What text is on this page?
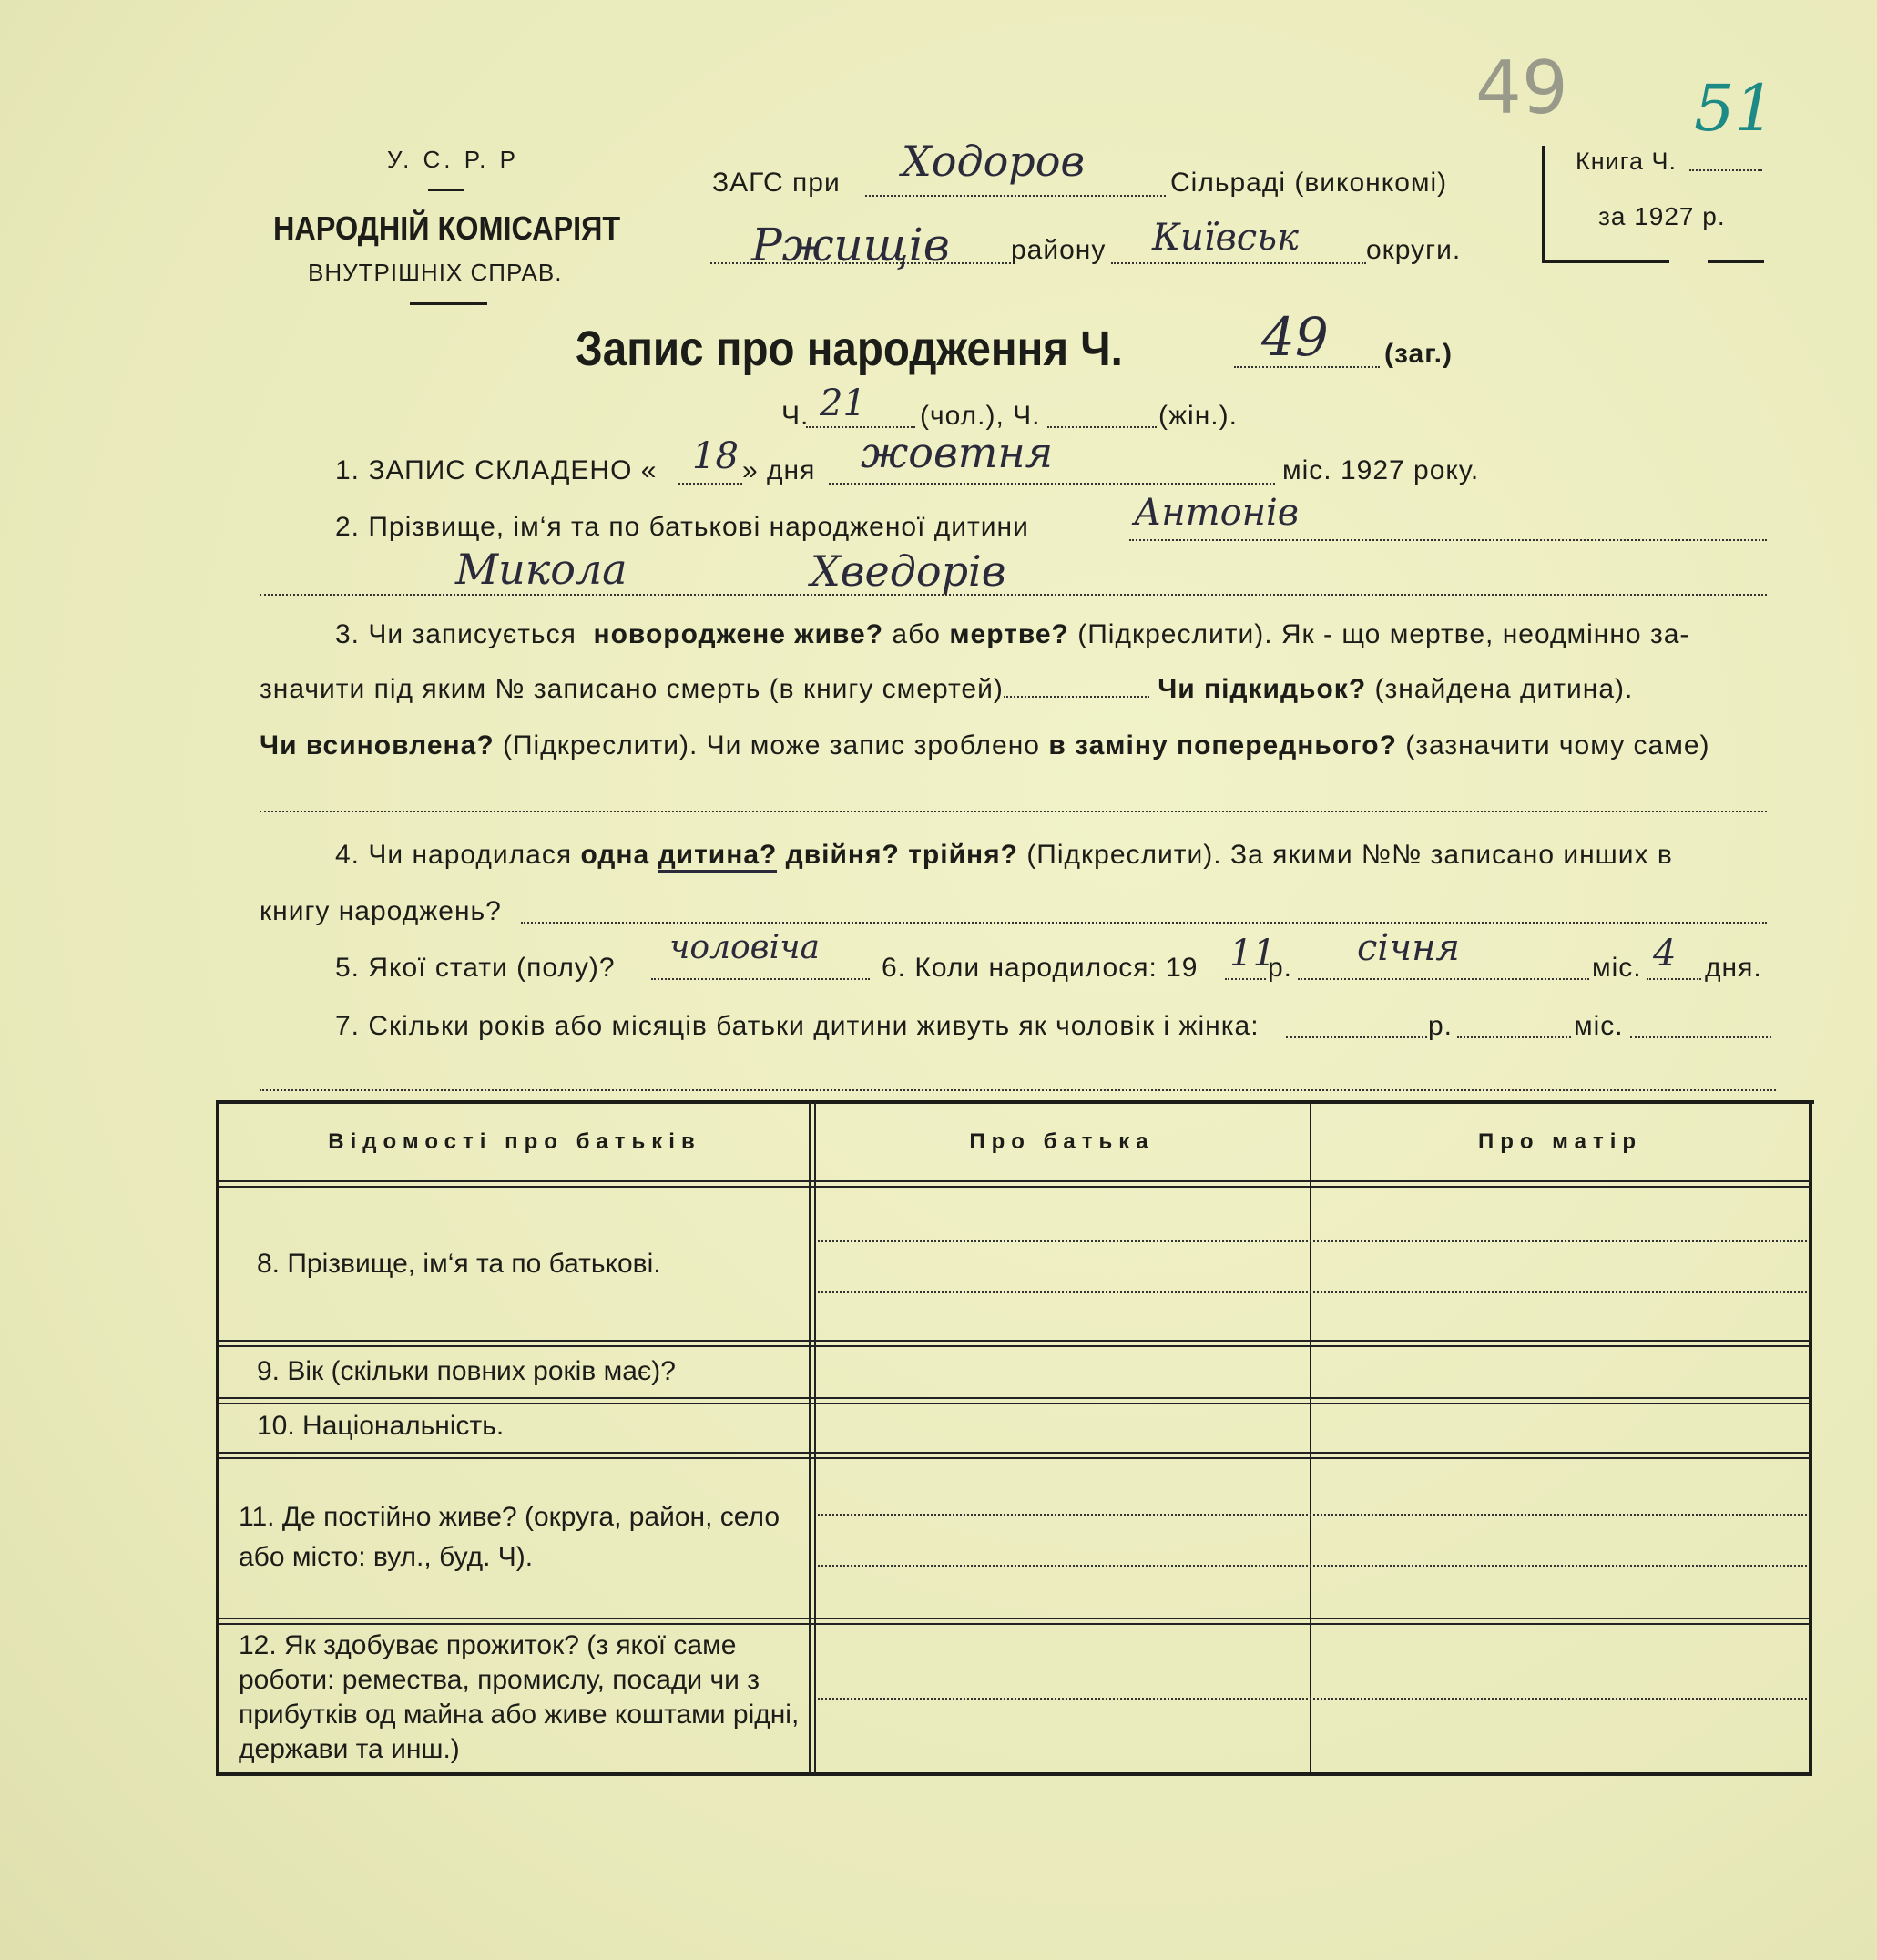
У. С. Р. Р
НАРОДНІЙ КОМІСАРІЯТ
ВНУТРІШНІХ СПРАВ.
ЗАГС при Ходоров	Сільраді (виконкомі)
Ржищів району Київськ округи.
49
Книга Ч.
51
за 1927 р.
Запис про народження Ч.	49 (заг.)
Ч. 21 (чол.), Ч.	(жін.).
1. ЗАПИС СКЛАДЕНО « 18 » дня жовтня	міс. 1927 року.
2. Прізвище, ім‘я та по батькові народженої дитини	Антонів
Микола	Хведорів
3. Чи записується новороджене живе? або мертве? (Підкреслити). Як - що мертве, неодмінно за-
значити під яким № записано смерть (в книгу смертей)	Чи підкидьок? (знайдена дитина).
Чи всиновлена? (Підкреслити). Чи може запис зроблено в заміну попереднього? (зазначити чому саме)
4. Чи народилася одна дитина? двійня? трійня? (Підкреслити). За якими №№ записано инших в
книгу народжень?
5. Якої стати (полу)?
чоловіча
6. Коли народилося: 19 11
р. січня	міс. 4 дня.
7. Скільки років або місяців батьки дитини живуть як чоловік і жінка:	р.	міс.
Відомості про батьків	Про батька	Про матір
8. Прізвище, ім‘я та по батькові.
9. Вік (скільки повних років має)?
10. Національність.
11. Де постійно живе? (округа, район, село або місто: вул., буд. Ч).
12. Як здобуває прожиток? (з якої саме роботи: ремества, промислу, посади чи з прибутків од майна або живе коштами рідні, держави та инш.)
